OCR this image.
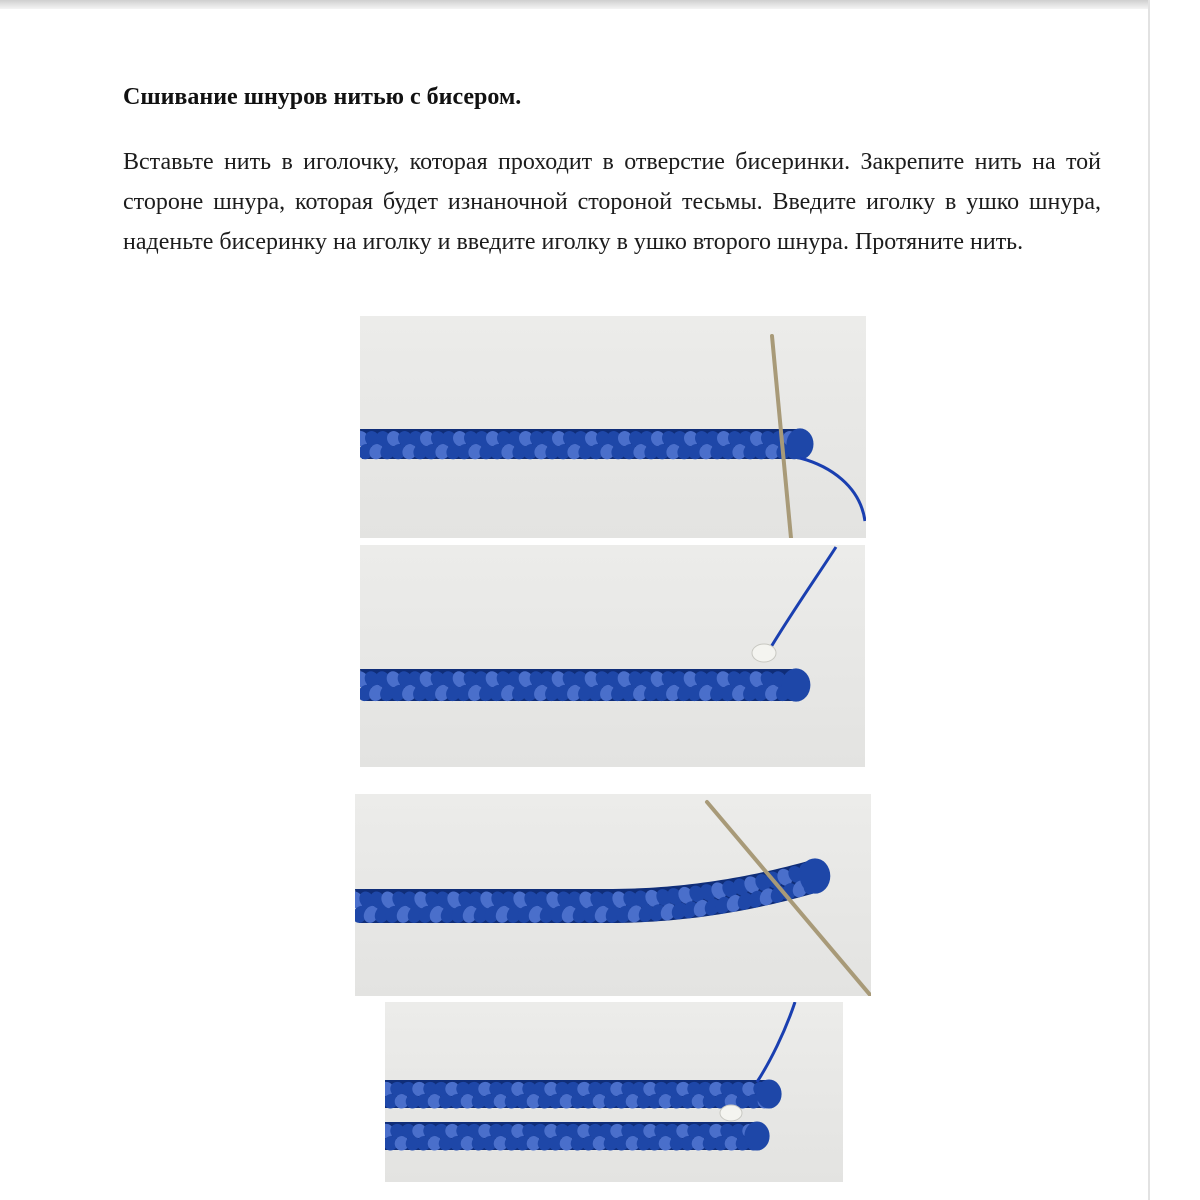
Сшивание шнуров нитью с бисером.

Вставьте нить в иголочку, которая проходит в отверстие бисеринки. Закрепите нить на той стороне шнура, которая будет изнаночной стороной тесьмы. Введите иголку в ушко шнура, наденьте бисеринку на иголку и введите иголку в ушко второго шнура. Протяните нить.
